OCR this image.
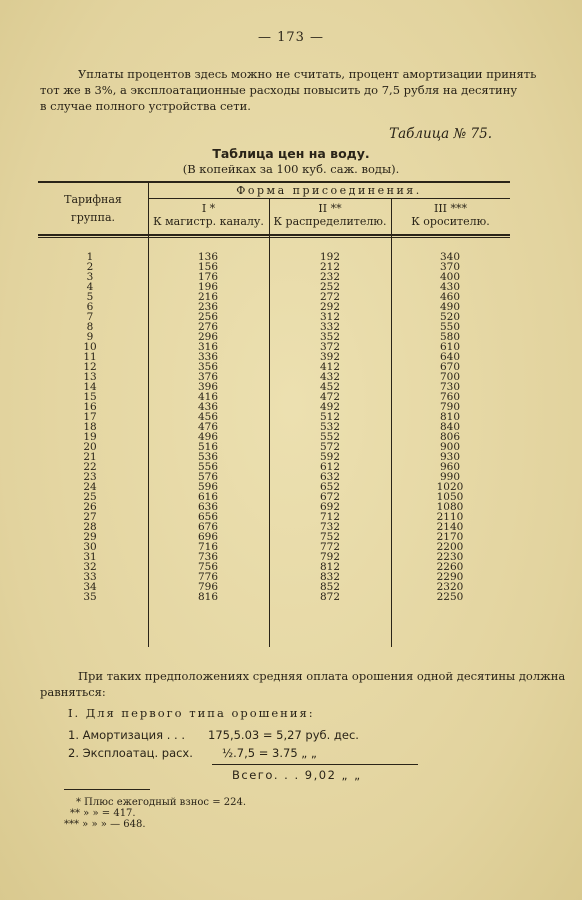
— 173 —
Уплаты процентов здесь можно не считать, процент амортизации принять
тот же в 3%, а эксплоатационные расходы повысить до 7,5 рубля на десятину
в случае полного устройства сети.
Таблица № 75.
Таблица цен на воду.
(В копейках за 100 куб. саж. воды).
Тарифная
группа.
Форма присоединения.
I *
К магистр. каналу.
II **
К распределителю.
III ***
К оросителю.
1
2
3
4
5
6
7
8
9
10
11
12
13
14
15
16
17
18
19
20
21
22
23
24
25
26
27
28
29
30
31
32
33
34
35
136
156
176
196
216
236
256
276
296
316
336
356
376
396
416
436
456
476
496
516
536
556
576
596
616
636
656
676
696
716
736
756
776
796
816
192
212
232
252
272
292
312
332
352
372
392
412
432
452
472
492
512
532
552
572
592
612
632
652
672
692
712
732
752
772
792
812
832
852
872
340
370
400
430
460
490
520
550
580
610
640
670
700
730
760
790
810
840
806
900
930
960
990
1020
1050
1080
2110
2140
2170
2200
2230
2260
2290
2320
2250
При таких предположениях средняя оплата орошения одной десятины должна
равняться:
I. Для первого типа орошения:
1. Амортизация . . . 175,5.03 = 5,27 руб. дес.
2. Эксплоатац. расх.	½.7,5 = 3.75 „ „
Всего. . . 9,02 „ „
* Плюс ежегодный взнос = 224.
** » » = 417.
*** » » » — 648.
